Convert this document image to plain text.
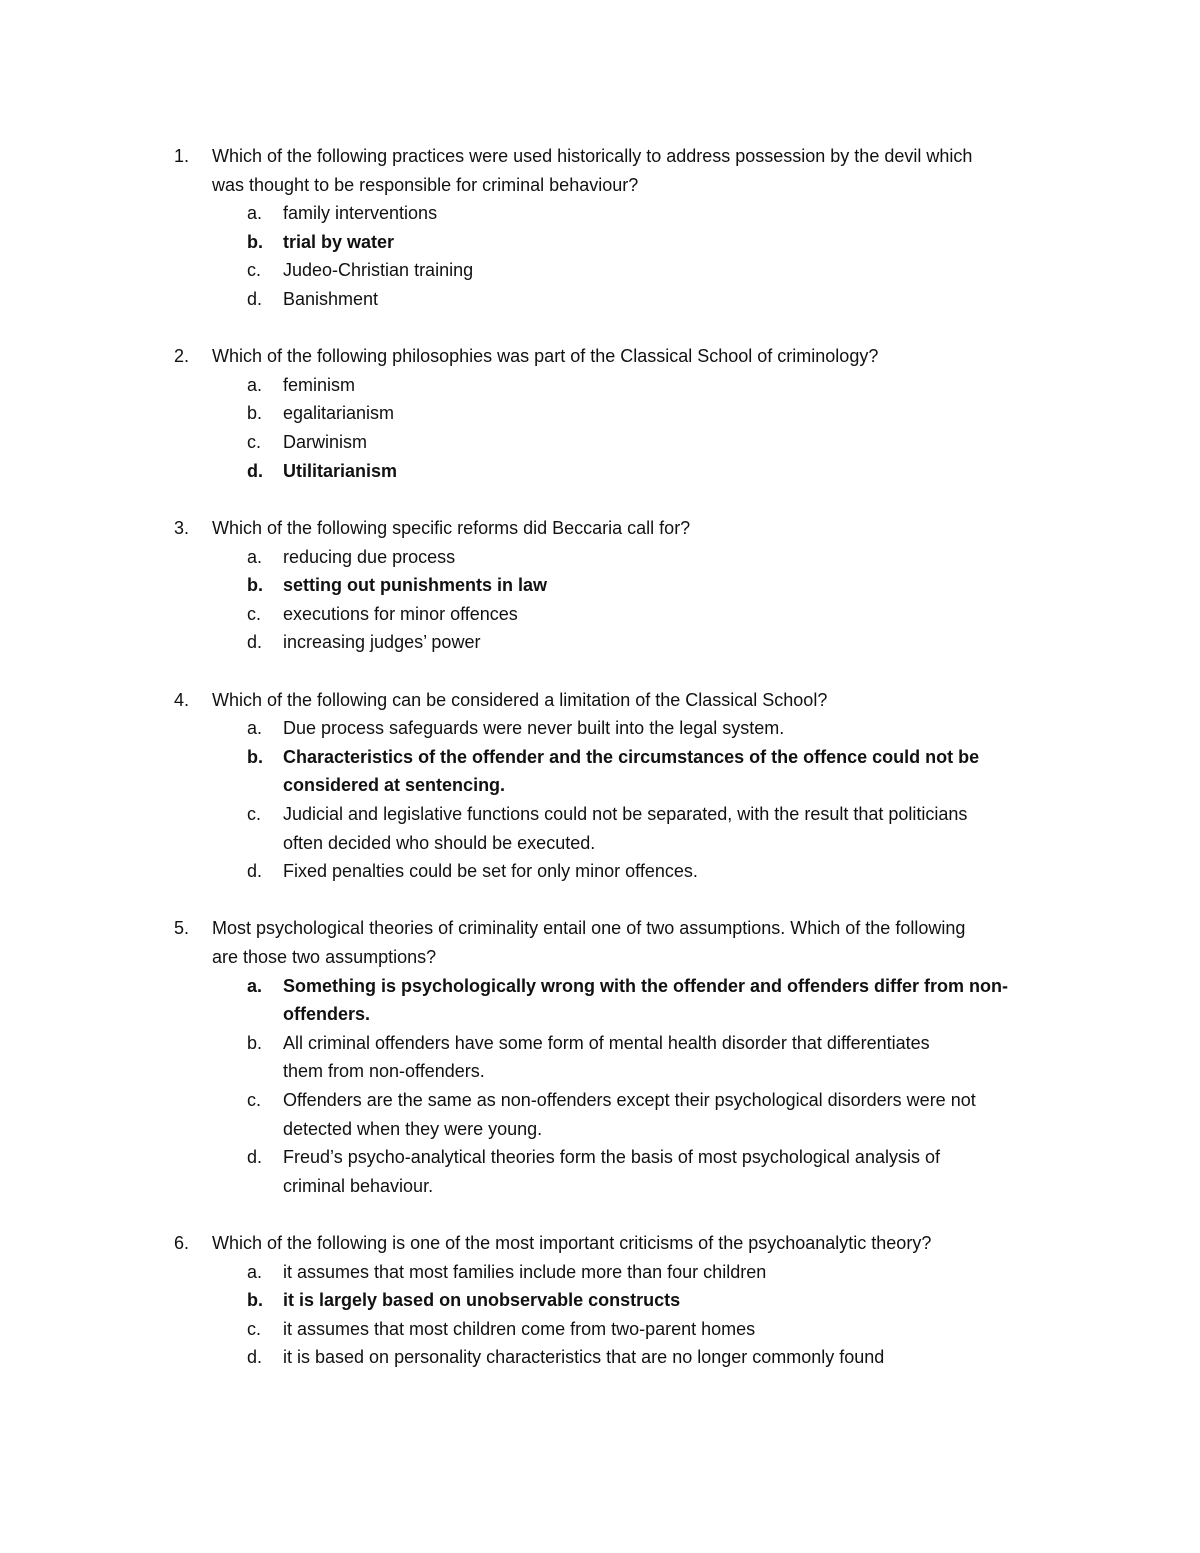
1.	Which of the following practices were used historically to address possession by the devil which
was thought to be responsible for criminal behaviour?
a.	family interventions
b.	trial by water
c.	Judeo-Christian training
d.	Banishment
2.	Which of the following philosophies was part of the Classical School of criminology?
a.	feminism
b.	egalitarianism
c.	Darwinism
d.	Utilitarianism
3.	Which of the following specific reforms did Beccaria call for?
a.	reducing due process
b.	setting out punishments in law
c.	executions for minor offences
d.	increasing judges’ power
4.	Which of the following can be considered a limitation of the Classical School?
a.	Due process safeguards were never built into the legal system.
b.	Characteristics of the offender and the circumstances of the offence could not be
considered at sentencing.
c.	Judicial and legislative functions could not be separated, with the result that politicians
often decided who should be executed.
d.	Fixed penalties could be set for only minor offences.
5.	Most psychological theories of criminality entail one of two assumptions. Which of the following
are those two assumptions?
a.	Something is psychologically wrong with the offender and offenders differ from non-
offenders.
b.	All criminal offenders have some form of mental health disorder that differentiates
them from non-offenders.
c.	Offenders are the same as non-offenders except their psychological disorders were not
detected when they were young.
d.	Freud’s psycho-analytical theories form the basis of most psychological analysis of
criminal behaviour.
6.	Which of the following is one of the most important criticisms of the psychoanalytic theory?
a.	it assumes that most families include more than four children
b.	it is largely based on unobservable constructs
c.	it assumes that most children come from two-parent homes
d.	it is based on personality characteristics that are no longer commonly found
